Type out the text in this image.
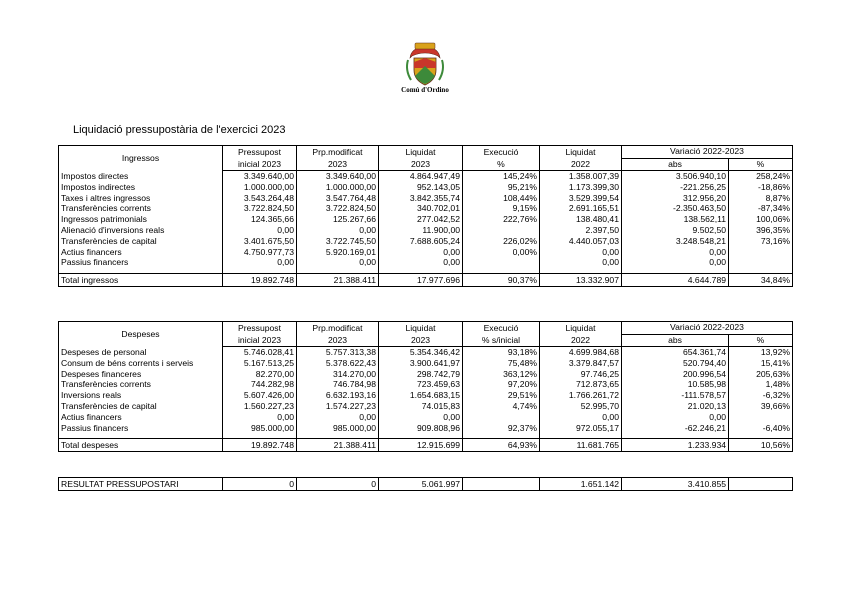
Comú d'Ordino
Liquidació pressupostària de l'exercici 2023
Ingressos	Pressupost	Prp.modificat	Liquidat	Execució	Liquidat	Variació 2022-2023	
	inicial 2023	2023	2023	%	2022	abs	%
Impostos directes	3.349.640,00	3.349.640,00	4.864.947,49	145,24%	1.358.007,39	3.506.940,10	258,24%
Impostos indirectes	1.000.000,00	1.000.000,00	952.143,05	95,21%	1.173.399,30	-221.256,25	-18,86%
Taxes i altres ingressos	3.543.264,48	3.547.764,48	3.842.355,74	108,44%	3.529.399,54	312.956,20	8,87%
Transferències corrents	3.722.824,50	3.722.824,50	340.702,01	9,15%	2.691.165,51	-2.350.463,50	-87,34%
Ingressos patrimonials	124.365,66	125.267,66	277.042,52	222,76%	138.480,41	138.562,11	100,06%
Alienació d'inversions reals	0,00	0,00	11.900,00		2.397,50	9.502,50	396,35%
Transferències de capital	3.401.675,50	3.722.745,50	7.688.605,24	226,02%	4.440.057,03	3.248.548,21	73,16%
Actius financers	4.750.977,73	5.920.169,01	0,00	0,00%	0,00	0,00	
Passius financers	0,00	0,00	0,00		0,00	0,00	

Total ingressos	19.892.748	21.388.411	17.977.696	90,37%	13.332.907	4.644.789	34,84%
Despeses	Pressupost	Prp.modificat	Liquidat	Execució	Liquidat	Variació 2022-2023	
	inicial 2023	2023	2023	% s/inicial	2022	abs	%
Despeses de personal	5.746.028,41	5.757.313,38	5.354.346,42	93,18%	4.699.984,68	654.361,74	13,92%
Consum de béns corrents i serveis	5.167.513,25	5.378.622,43	3.900.641,97	75,48%	3.379.847,57	520.794,40	15,41%
Despeses financeres	82.270,00	314.270,00	298.742,79	363,12%	97.746,25	200.996,54	205,63%
Transferències corrents	744.282,98	746.784,98	723.459,63	97,20%	712.873,65	10.585,98	1,48%
Inversions reals	5.607.426,00	6.632.193,16	1.654.683,15	29,51%	1.766.261,72	-111.578,57	-6,32%
Transferències de capital	1.560.227,23	1.574.227,23	74.015,83	4,74%	52.995,70	21.020,13	39,66%
Actius financers	0,00	0,00	0,00		0,00	0,00	
Passius financers	985.000,00	985.000,00	909.808,96	92,37%	972.055,17	-62.246,21	-6,40%

Total despeses	19.892.748	21.388.411	12.915.699	64,93%	11.681.765	1.233.934	10,56%
RESULTAT PRESSUPOSTARI	0	0	5.061.997		1.651.142	3.410.855	
